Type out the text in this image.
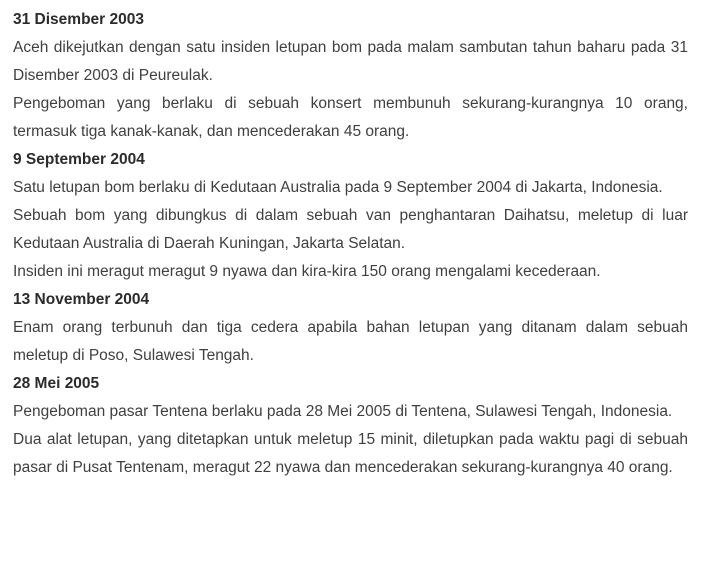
31 Disember 2003

Aceh dikejutkan dengan satu insiden letupan bom pada malam sambutan tahun baharu pada 31 Disember 2003 di Peureulak.

Pengeboman yang berlaku di sebuah konsert membunuh sekurang-kurangnya 10 orang, termasuk tiga kanak-kanak, dan mencederakan 45 orang.

9 September 2004

Satu letupan bom berlaku di Kedutaan Australia pada 9 September 2004 di Jakarta, Indonesia.

Sebuah bom yang dibungkus di dalam sebuah van penghantaran Daihatsu, meletup di luar Kedutaan Australia di Daerah Kuningan, Jakarta Selatan.

Insiden ini meragut meragut 9 nyawa dan kira-kira 150 orang mengalami kecederaan.

13 November 2004

Enam orang terbunuh dan tiga cedera apabila bahan letupan yang ditanam dalam sebuah meletup di Poso, Sulawesi Tengah.

28 Mei 2005

Pengeboman pasar Tentena berlaku pada 28 Mei 2005 di Tentena, Sulawesi Tengah, Indonesia.

Dua alat letupan, yang ditetapkan untuk meletup 15 minit, diletupkan pada waktu pagi di sebuah pasar di Pusat Tentenam, meragut 22 nyawa dan mencederakan sekurang-kurangnya 40 orang.
